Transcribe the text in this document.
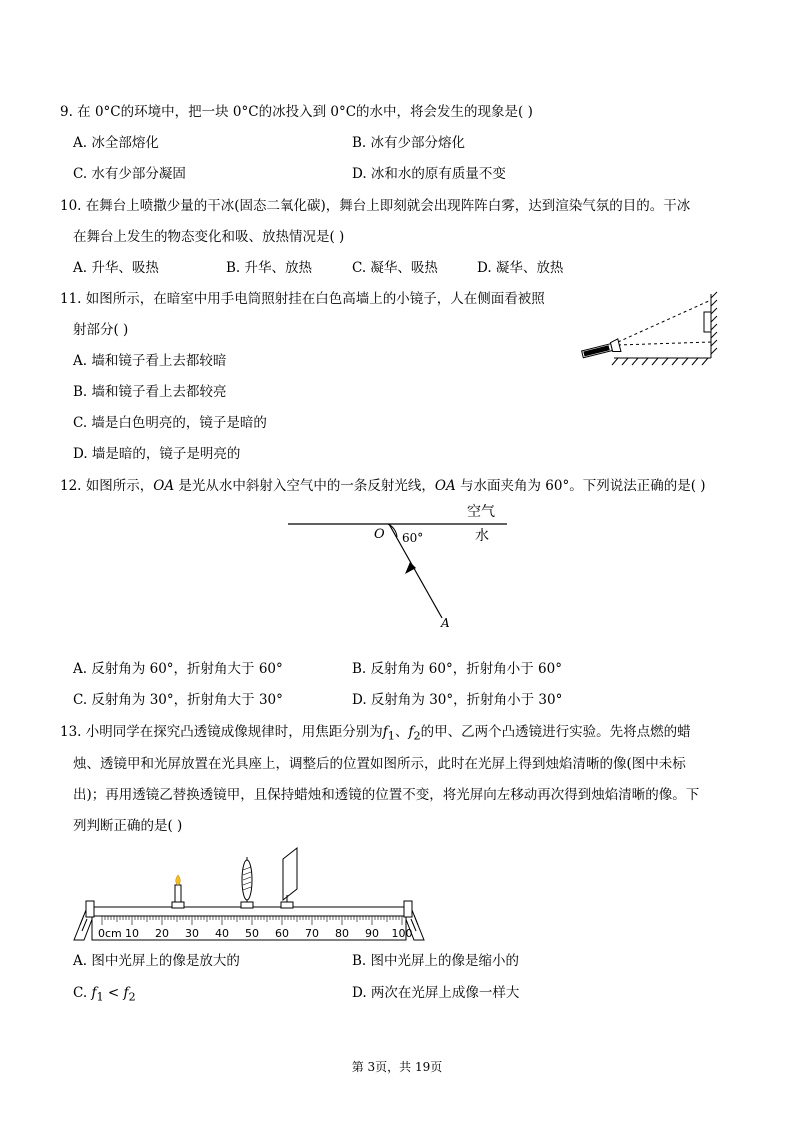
9. 在 0°C的环境中，把一块 0°C的冰投入到 0°C的水中，将会发生的现象是( )
A. 冰全部熔化	B. 冰有少部分熔化
C. 水有少部分凝固	D. 冰和水的原有质量不变
10. 在舞台上喷撒少量的干冰(固态二氧化碳)，舞台上即刻就会出现阵阵白雾，达到渲染气氛的目的。干冰
在舞台上发生的物态变化和吸、放热情况是( )
A. 升华、吸热	B. 升华、放热	C. 凝华、吸热	D. 凝华、放热
11. 如图所示，在暗室中用手电筒照射挂在白色高墙上的小镜子，人在侧面看被照
射部分( )
A. 墙和镜子看上去都较暗
B. 墙和镜子看上去都较亮
C. 墙是白色明亮的，镜子是暗的
D. 墙是暗的，镜子是明亮的
12. 如图所示，OA 是光从水中斜射入空气中的一条反射光线，OA 与水面夹角为 60°。下列说法正确的是( )
空气
水
O 60°
A
A. 反射角为 60°，折射角大于 60°	B. 反射角为 60°，折射角小于 60°
C. 反射角为 30°，折射角大于 30°	D. 反射角为 30°，折射角小于 30°
13. 小明同学在探究凸透镜成像规律时，用焦距分别为$f_1$、$f_2$的甲、乙两个凸透镜进行实验。先将点燃的蜡
烛、透镜甲和光屏放置在光具座上，调整后的位置如图所示，此时在光屏上得到烛焰清晰的像(图中未标
出)；再用透镜乙替换透镜甲，且保持蜡烛和透镜的位置不变，将光屏向左移动再次得到烛焰清晰的像。下
列判断正确的是( )
0cm 10 20 30 40 50 60 70 80 90 100
A. 图中光屏上的像是放大的	B. 图中光屏上的像是缩小的
C. $f_1 < f_2$	D. 两次在光屏上成像一样大
第 3页，共 19页
